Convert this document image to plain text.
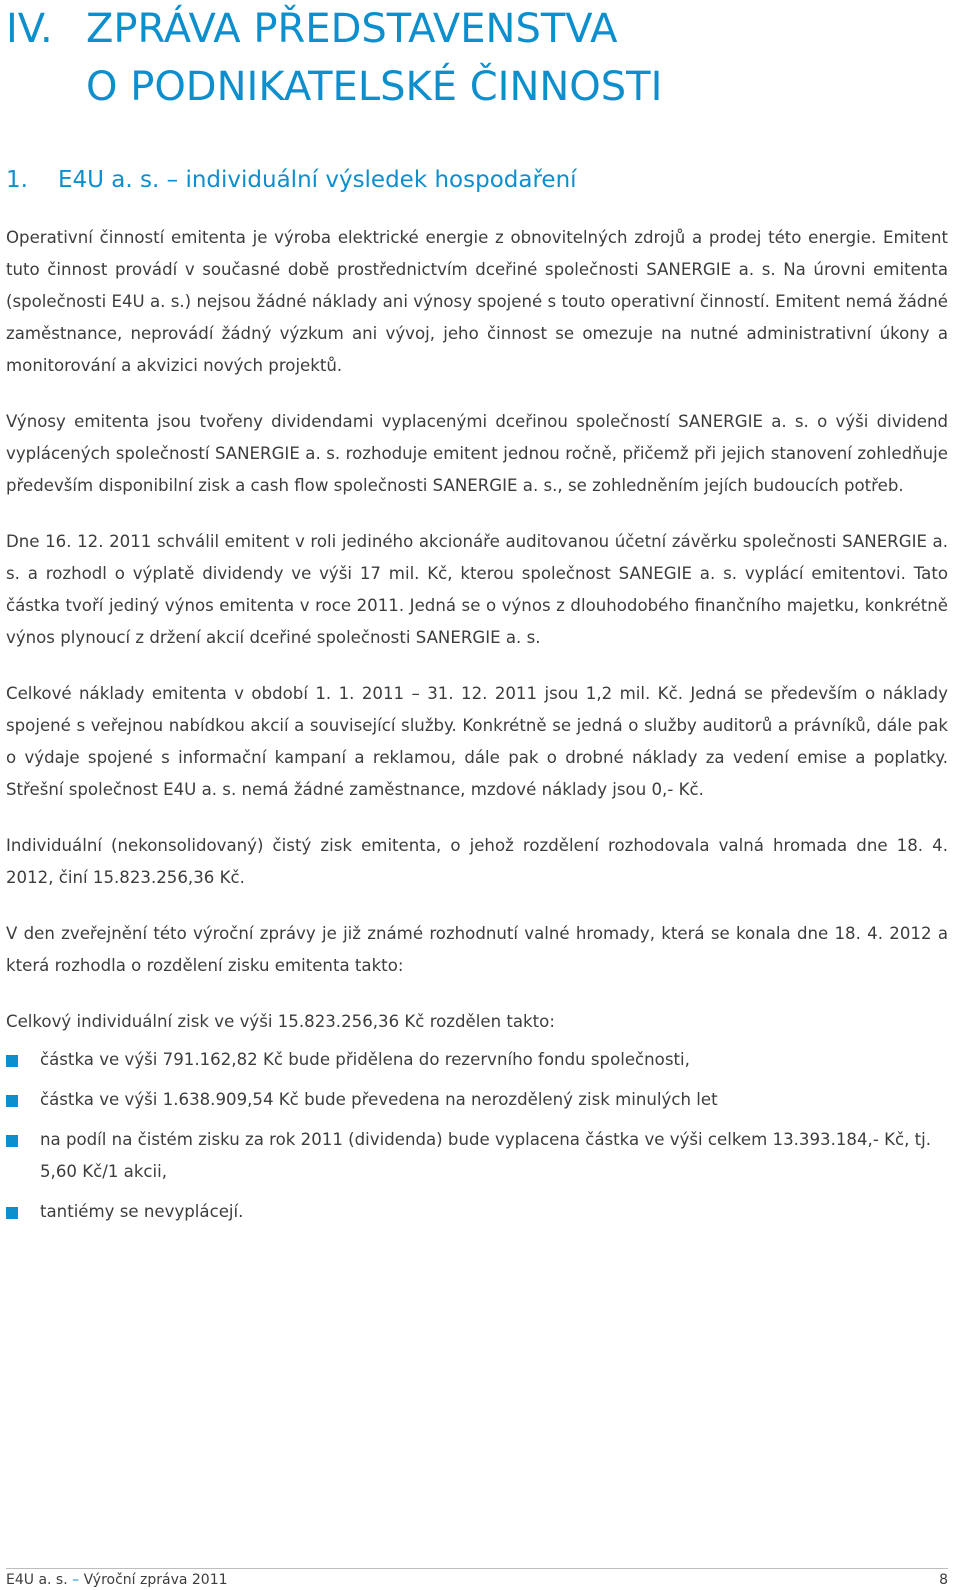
IV. ZPRÁVA PŘEDSTAVENSTVA
O PODNIKATELSKÉ ČINNOSTI
1. E4U a. s. – individuální výsledek hospodaření

Operativní činností emitenta je výroba elektrické energie z obnovitelných zdrojů a prodej této energie. Emitent tuto činnost provádí v současné době prostřednictvím dceřiné společnosti SANERGIE a. s. Na úrovni emitenta (společnosti E4U a. s.) nejsou žádné náklady ani výnosy spojené s touto operativní činností. Emitent nemá žádné zaměstnance, neprovádí žádný výzkum ani vývoj, jeho činnost se omezuje na nutné administrativní úkony a monitorování a akvizici nových projektů.

Výnosy emitenta jsou tvořeny dividendami vyplacenými dceřinou společností SANERGIE a. s. o výši dividend vyplácených společností SANERGIE a. s. rozhoduje emitent jednou ročně, přičemž při jejich stanovení zohledňuje především disponibilní zisk a cash flow společnosti SANERGIE a. s., se zohledněním jejích budoucích potřeb.

Dne 16. 12. 2011 schválil emitent v roli jediného akcionáře auditovanou účetní závěrku společnosti SANERGIE a. s. a rozhodl o výplatě dividendy ve výši 17 mil. Kč, kterou společnost SANEGIE a. s. vyplácí emitentovi. Tato částka tvoří jediný výnos emitenta v roce 2011. Jedná se o výnos z dlouhodobého finančního majetku, konkrétně výnos plynoucí z držení akcií dceřiné společnosti SANERGIE a. s.

Celkové náklady emitenta v období 1. 1. 2011 – 31. 12. 2011 jsou 1,2 mil. Kč. Jedná se především o náklady spojené s veřejnou nabídkou akcií a související služby. Konkrétně se jedná o služby auditorů a právníků, dále pak o výdaje spojené s informační kampaní a reklamou, dále pak o drobné náklady za vedení emise a poplatky. Střešní společnost E4U a. s. nemá žádné zaměstnance, mzdové náklady jsou 0,- Kč.

Individuální (nekonsolidovaný) čistý zisk emitenta, o jehož rozdělení rozhodovala valná hromada dne 18. 4. 2012, činí 15.823.256,36 Kč.

V den zveřejnění této výroční zprávy je již známé rozhodnutí valné hromady, která se konala dne 18. 4. 2012 a která rozhodla o rozdělení zisku emitenta takto:

Celkový individuální zisk ve výši 15.823.256,36 Kč rozdělen takto:

částka ve výši 791.162,82 Kč bude přidělena do rezervního fondu společnosti,
částka ve výši 1.638.909,54 Kč bude převedena na nerozdělený zisk minulých let
na podíl na čistém zisku za rok 2011 (dividenda) bude vyplacena částka ve výši celkem 13.393.184,- Kč, tj. 5,60 Kč/1 akcii,
tantiémy se nevyplácejí.
E4U a. s. – Výroční zpráva 2011	8
